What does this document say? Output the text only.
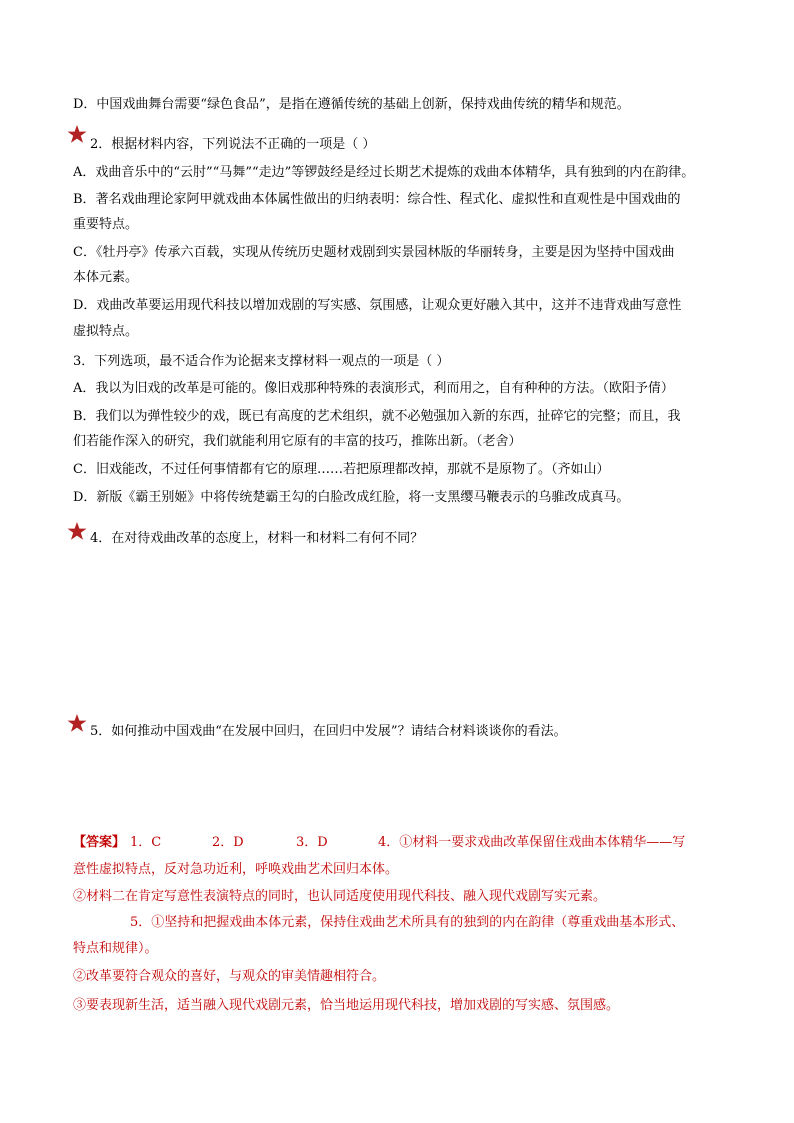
D．中国戏曲舞台需要“绿色食品”，是指在遵循传统的基础上创新，保持戏曲传统的精华和规范。
2．根据材料内容，下列说法不正确的一项是（ ）
A．戏曲音乐中的“云肘”“马舞”“走边”等锣鼓经是经过长期艺术提炼的戏曲本体精华，具有独到的内在韵律。
B．著名戏曲理论家阿甲就戏曲本体属性做出的归纳表明：综合性、程式化、虚拟性和直观性是中国戏曲的
重要特点。
C．《牡丹亭》传承六百载，实现从传统历史题材戏剧到实景园林版的华丽转身，主要是因为坚持中国戏曲
本体元素。
D．戏曲改革要运用现代科技以增加戏剧的写实感、氛围感，让观众更好融入其中，这并不违背戏曲写意性
虚拟特点。
3．下列选项，最不适合作为论据来支撑材料一观点的一项是（ ）
A．我以为旧戏的改革是可能的。像旧戏那种特殊的表演形式，利而用之，自有种种的方法。（欧阳予倩）
B．我们以为弹性较少的戏，既已有高度的艺术组织，就不必勉强加入新的东西，扯碎它的完整；而且，我
们若能作深入的研究，我们就能利用它原有的丰富的技巧，推陈出新。（老舍）
C．旧戏能改，不过任何事情都有它的原理……若把原理都改掉，那就不是原物了。（齐如山）
D．新版《霸王别姬》中将传统楚霸王勾的白脸改成红脸，将一支黑缨马鞭表示的乌骓改成真马。
4．在对待戏曲改革的态度上，材料一和材料二有何不同？
5．如何推动中国戏曲“在发展中回归，在回归中发展”？请结合材料谈谈你的看法。
【答案】 1．C	2．D	3．D	4．①材料一要求戏曲改革保留住戏曲本体精华——写
意性虚拟特点，反对急功近利，呼唤戏曲艺术回归本体。
②材料二在肯定写意性表演特点的同时，也认同适度使用现代科技、融入现代戏剧写实元素。
5．①坚持和把握戏曲本体元素，保持住戏曲艺术所具有的独到的内在韵律（尊重戏曲基本形式、
特点和规律）。
②改革要符合观众的喜好，与观众的审美情趣相符合。
③要表现新生活，适当融入现代戏剧元素，恰当地运用现代科技，增加戏剧的写实感、氛围感。
